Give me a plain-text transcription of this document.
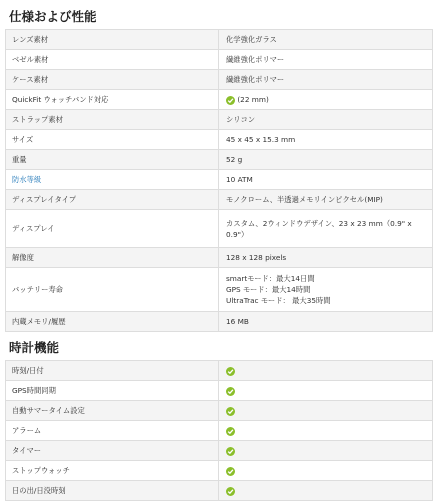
仕様および性能
レンズ素材	化学強化ガラス
ベゼル素材	繊維強化ポリマー
ケース素材	繊維強化ポリマー
QuickFit ウォッチバンド対応	(22 mm)
ストラップ素材	シリコン
サイズ	45 x 45 x 15.3 mm
重量	52 g
防水等級	10 ATM
ディスプレイタイプ	モノクローム、半透過メモリインピクセル(MIP)
ディスプレイ	カスタム、2ウィンドウデザイン、23 x 23 mm（0.9" x
0.9"）

解像度	128 x 128 pixels
バッテリー寿命	smartモード：最大14日間
GPS モード：最大14時間
UltraTrac モード： 最大35時間

内蔵メモリ/履歴	16 MB
時計機能
時刻/日付	

GPS時間同期	

自動サマータイム設定	

アラーム	

タイマー	

ストップウォッチ	

日の出/日没時刻	
